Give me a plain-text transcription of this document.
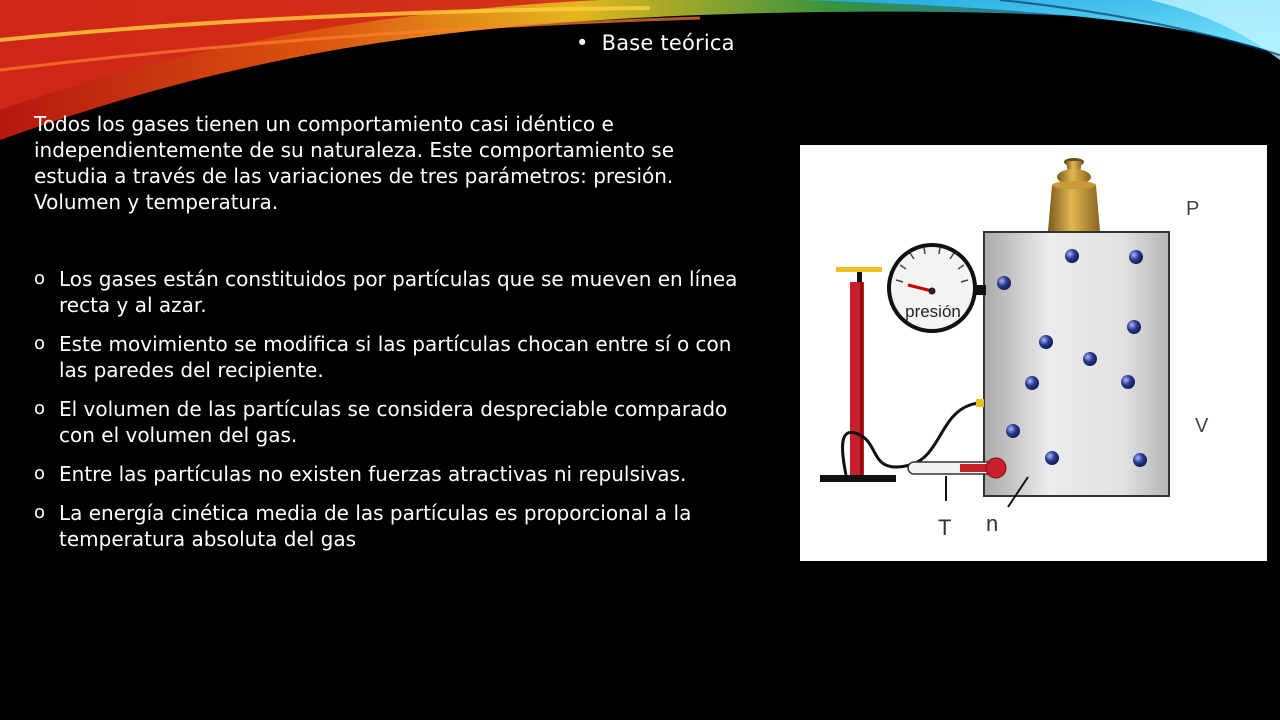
• Base teórica

Todos los gases tienen un comportamiento casi idéntico e independientemente de su naturaleza. Este comportamiento se estudia a través de las variaciones de tres parámetros: presión. Volumen y temperatura.

o Los gases están constituidos por partículas que se mueven en línea recta y al azar.
o Este movimiento se modifica si las partículas chocan entre sí o con las paredes del recipiente.
o El volumen de las partículas se considera despreciable comparado con el volumen del gas.
o Entre las partículas no existen fuerzas atractivas ni repulsivas.
o La energía cinética media de las partículas es proporcional a la temperatura absoluta del gas
presión
P
V
T n
